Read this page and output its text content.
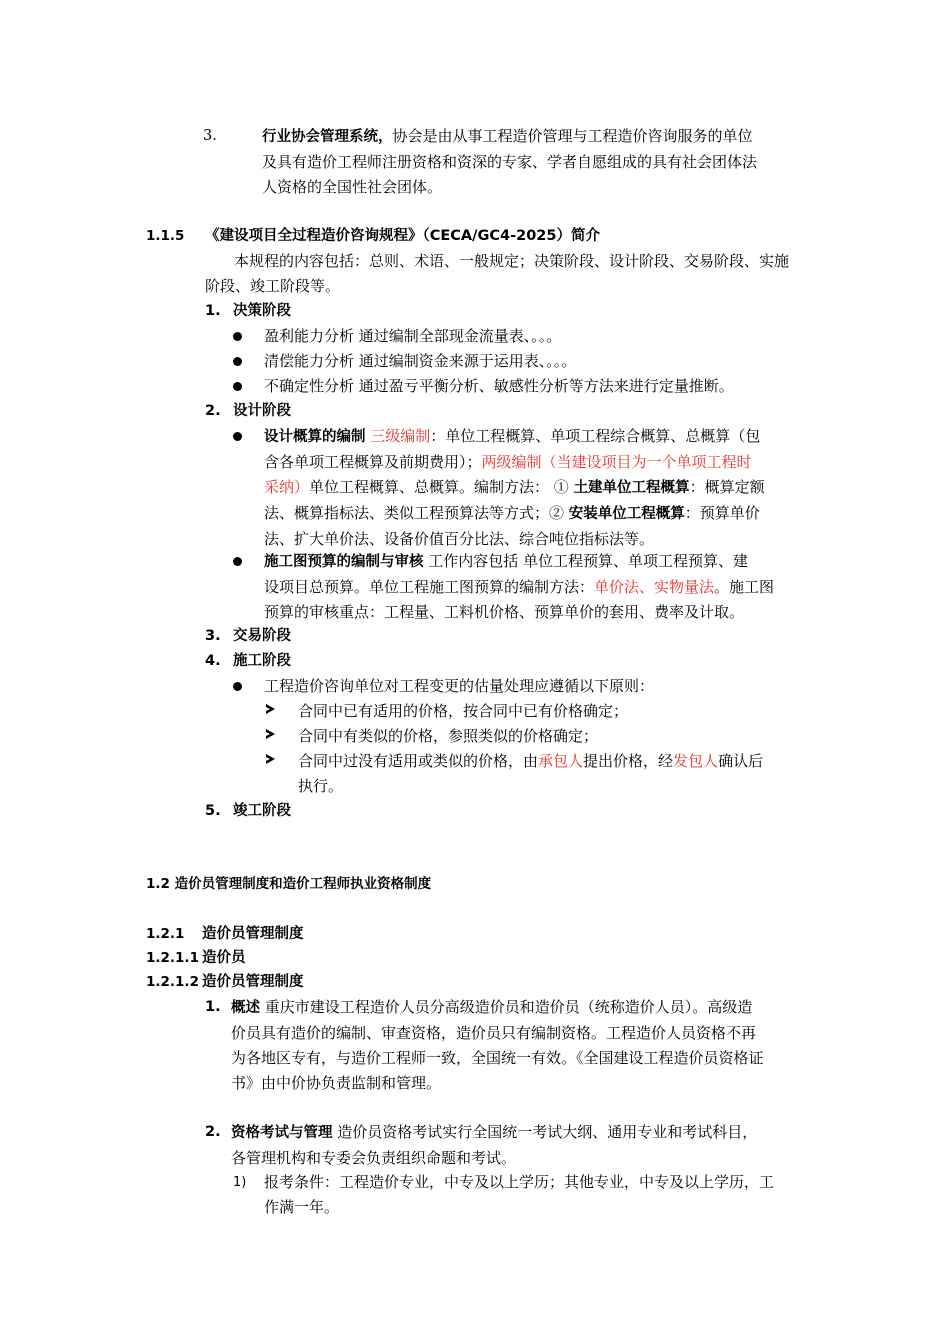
3.	行业协会管理系统，协会是由从事工程造价管理与工程造价咨询服务的单位
及具有造价工程师注册资格和资深的专家、学者自愿组成的具有社会团体法
人资格的全国性社会团体。
1.1.5 《建设项目全过程造价咨询规程》（CECA/GC4-2025）简介
本规程的内容包括：总则、术语、一般规定；决策阶段、设计阶段、交易阶段、实施
阶段、竣工阶段等。
1. 决策阶段
盈利能力分析 通过编制全部现金流量表、。。。
清偿能力分析 通过编制资金来源于运用表、。。。
不确定性分析 通过盈亏平衡分析、敏感性分析等方法来进行定量推断。
2. 设计阶段
设计概算的编制 三级编制：单位工程概算、单项工程综合概算、总概算（包
含各单项工程概算及前期费用）；两级编制（当建设项目为一个单项工程时
采纳）单位工程概算、总概算。编制方法： ① 土建单位工程概算：概算定额
法、概算指标法、类似工程预算法等方式；② 安装单位工程概算：预算单价
法、扩大单价法、设备价值百分比法、综合吨位指标法等。
施工图预算的编制与审核 工作内容包括 单位工程预算、单项工程预算、建
设项目总预算。单位工程施工图预算的编制方法：单价法、实物量法。施工图
预算的审核重点：工程量、工料机价格、预算单价的套用、费率及计取。
3. 交易阶段
4. 施工阶段
工程造价咨询单位对工程变更的估量处理应遵循以下原则：
合同中已有适用的价格，按合同中已有价格确定；
合同中有类似的价格，参照类似的价格确定；
合同中过没有适用或类似的价格，由承包人提出价格，经发包人确认后
执行。
5. 竣工阶段
1.2 造价员管理制度和造价工程师执业资格制度
1.2.1 造价员管理制度
1.2.1.1 造价员
1.2.1.2 造价员管理制度
1. 概述 重庆市建设工程造价人员分高级造价员和造价员（统称造价人员）。高级造
价员具有造价的编制、审查资格，造价员只有编制资格。工程造价人员资格不再
为各地区专有，与造价工程师一致，全国统一有效。《全国建设工程造价员资格证
书》由中价协负责监制和管理。
2. 资格考试与管理 造价员资格考试实行全国统一考试大纲、通用专业和考试科目，
各管理机构和专委会负责组织命题和考试。
1) 报考条件：工程造价专业，中专及以上学历；其他专业，中专及以上学历，工
作满一年。
